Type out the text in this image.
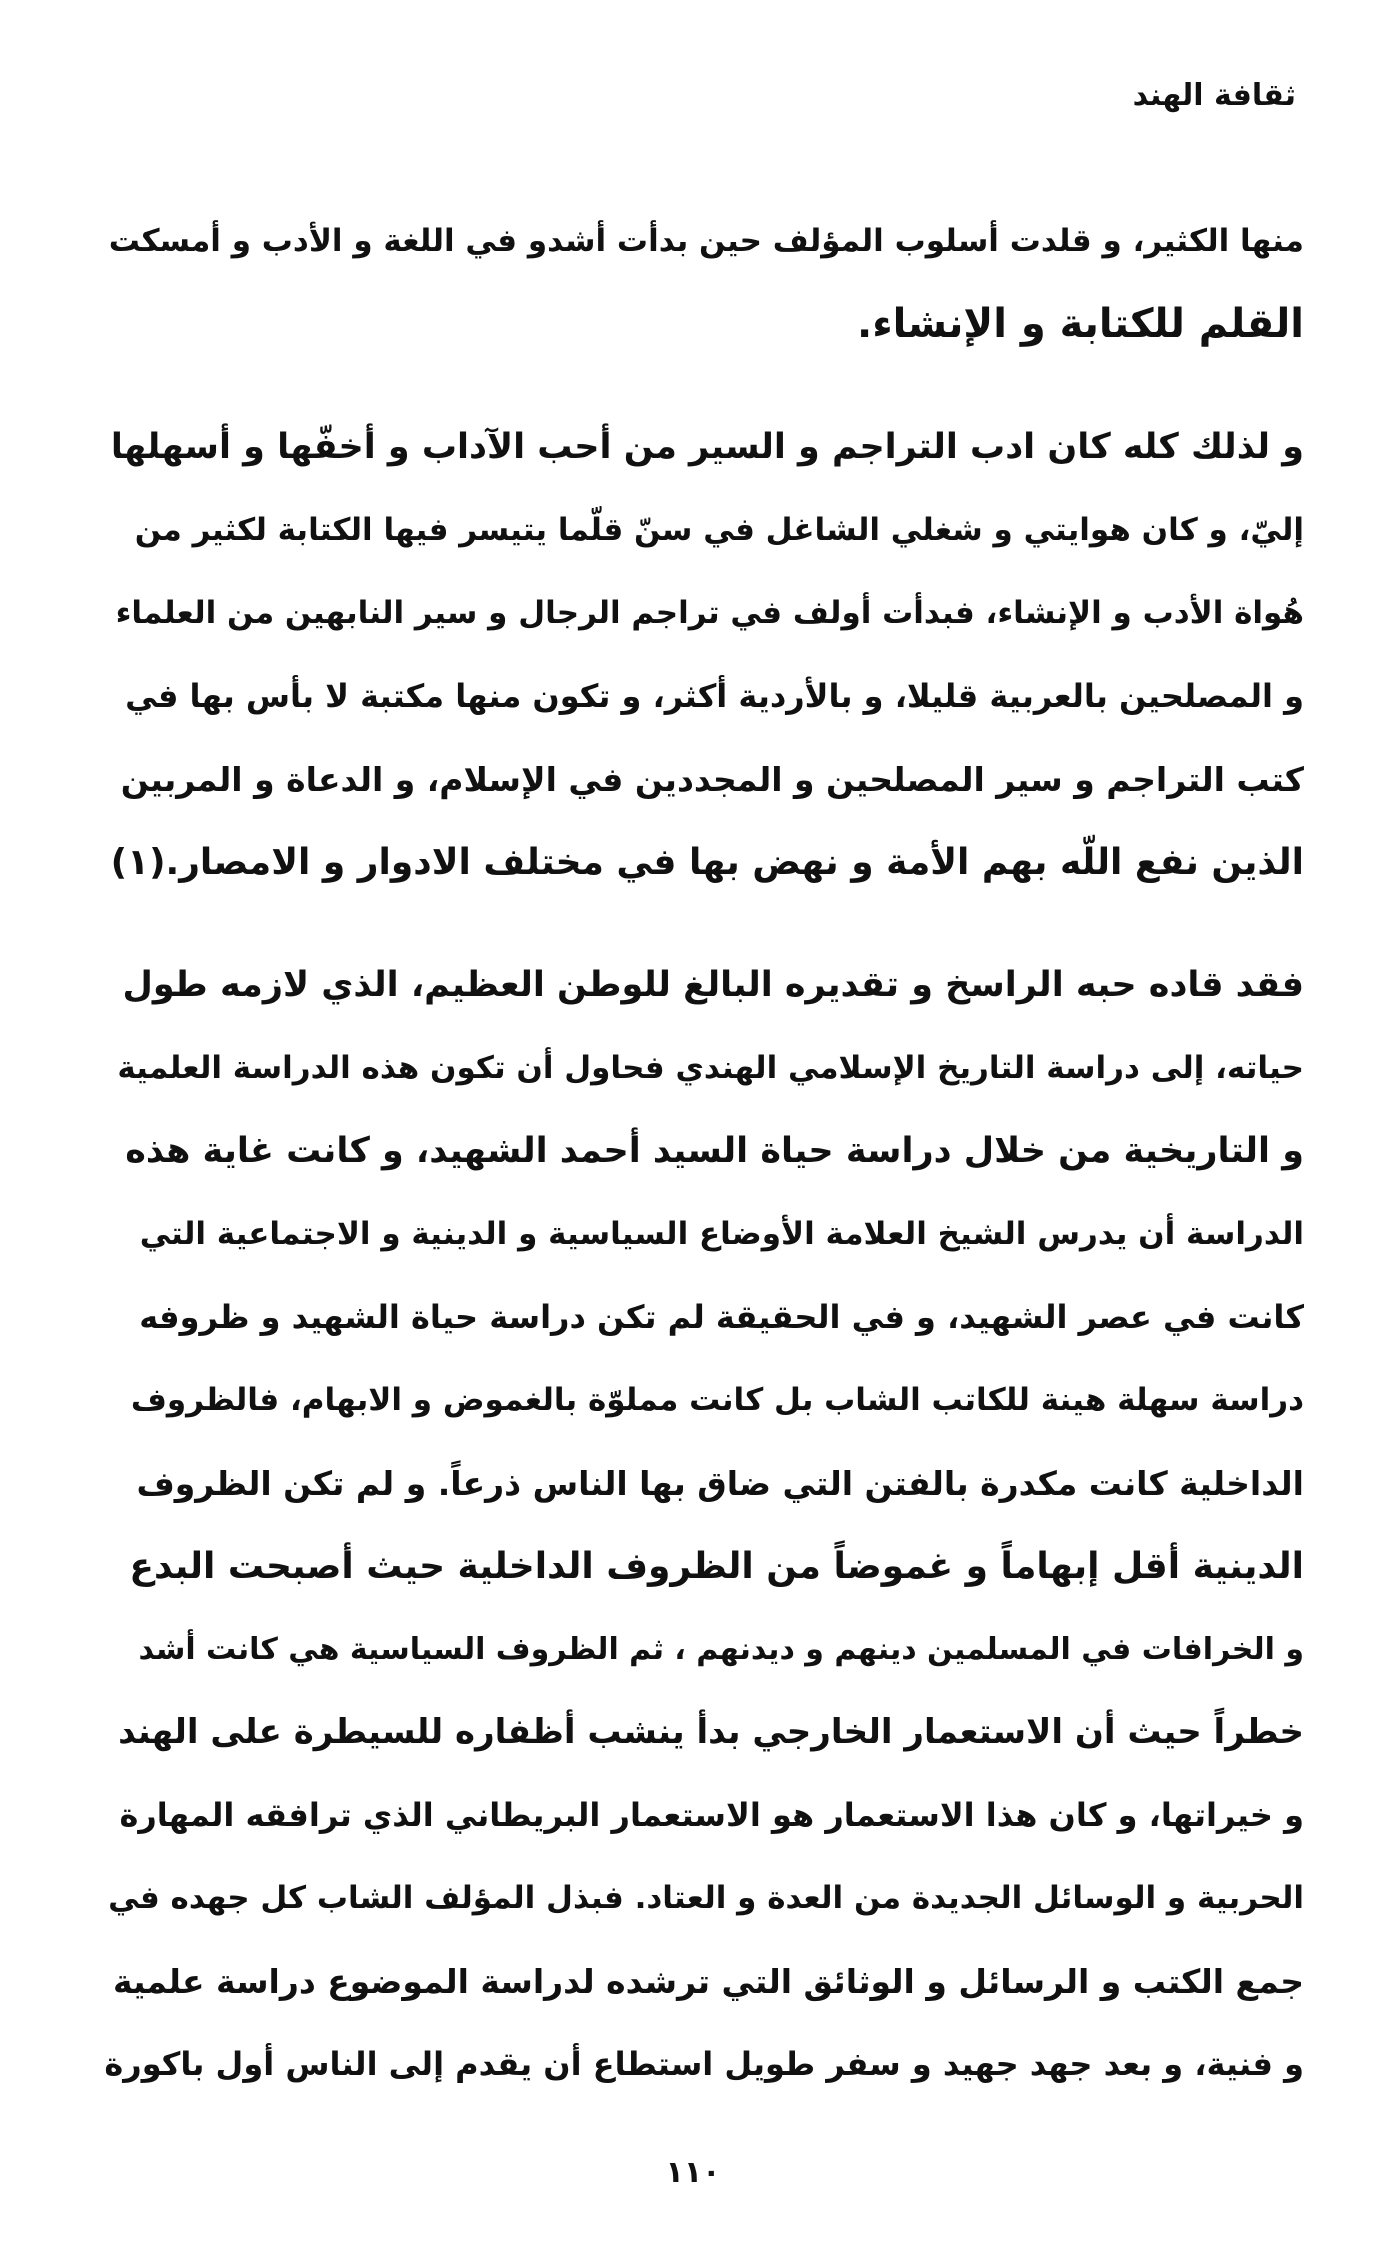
ثقافة الهند
منها الكثير، و قلدت أسلوب المؤلف حين بدأت أشدو في اللغة و الأدب و أمسكت
القلم للكتابة و الإنشاء.
و لذلك كله كان ادب التراجم و السير من أحب الآداب و أخفّها و أسهلها
إليّ، و كان هوايتي و شغلي الشاغل في سنّ قلّما يتيسر فيها الكتابة لكثير من
هُواة الأدب و الإنشاء، فبدأت أولف في تراجم الرجال و سير النابهين من العلماء
و المصلحين بالعربية قليلا، و بالأردية أكثر، و تكون منها مكتبة لا بأس بها في
كتب التراجم و سير المصلحين و المجددين في الإسلام، و الدعاة و المربين
الذين نفع اللّه بهم الأمة و نهض بها في مختلف الادوار و الامصار.(١)
فقد قاده حبه الراسخ و تقديره البالغ للوطن العظيم، الذي لازمه طول
حياته، إلى دراسة التاريخ الإسلامي الهندي فحاول أن تكون هذه الدراسة العلمية
و التاريخية من خلال دراسة حياة السيد أحمد الشهيد، و كانت غاية هذه
الدراسة أن يدرس الشيخ العلامة الأوضاع السياسية و الدينية و الاجتماعية التي
كانت في عصر الشهيد، و في الحقيقة لم تكن دراسة حياة الشهيد و ظروفه
دراسة سهلة هينة للكاتب الشاب بل كانت مملوّة بالغموض و الابهام، فالظروف
الداخلية كانت مكدرة بالفتن التي ضاق بها الناس ذرعاً. و لم تكن الظروف
الدينية أقل إبهاماً و غموضاً من الظروف الداخلية حيث أصبحت البدع
و الخرافات في المسلمين دينهم و ديدنهم ، ثم الظروف السياسية هي كانت أشد
خطراً حيث أن الاستعمار الخارجي بدأ ينشب أظفاره للسيطرة على الهند
و خيراتها، و كان هذا الاستعمار هو الاستعمار البريطاني الذي ترافقه المهارة
الحربية و الوسائل الجديدة من العدة و العتاد. فبذل المؤلف الشاب كل جهده في
جمع الكتب و الرسائل و الوثائق التي ترشده لدراسة الموضوع دراسة علمية
و فنية، و بعد جهد جهيد و سفر طويل استطاع أن يقدم إلى الناس أول باكورة
١١٠
